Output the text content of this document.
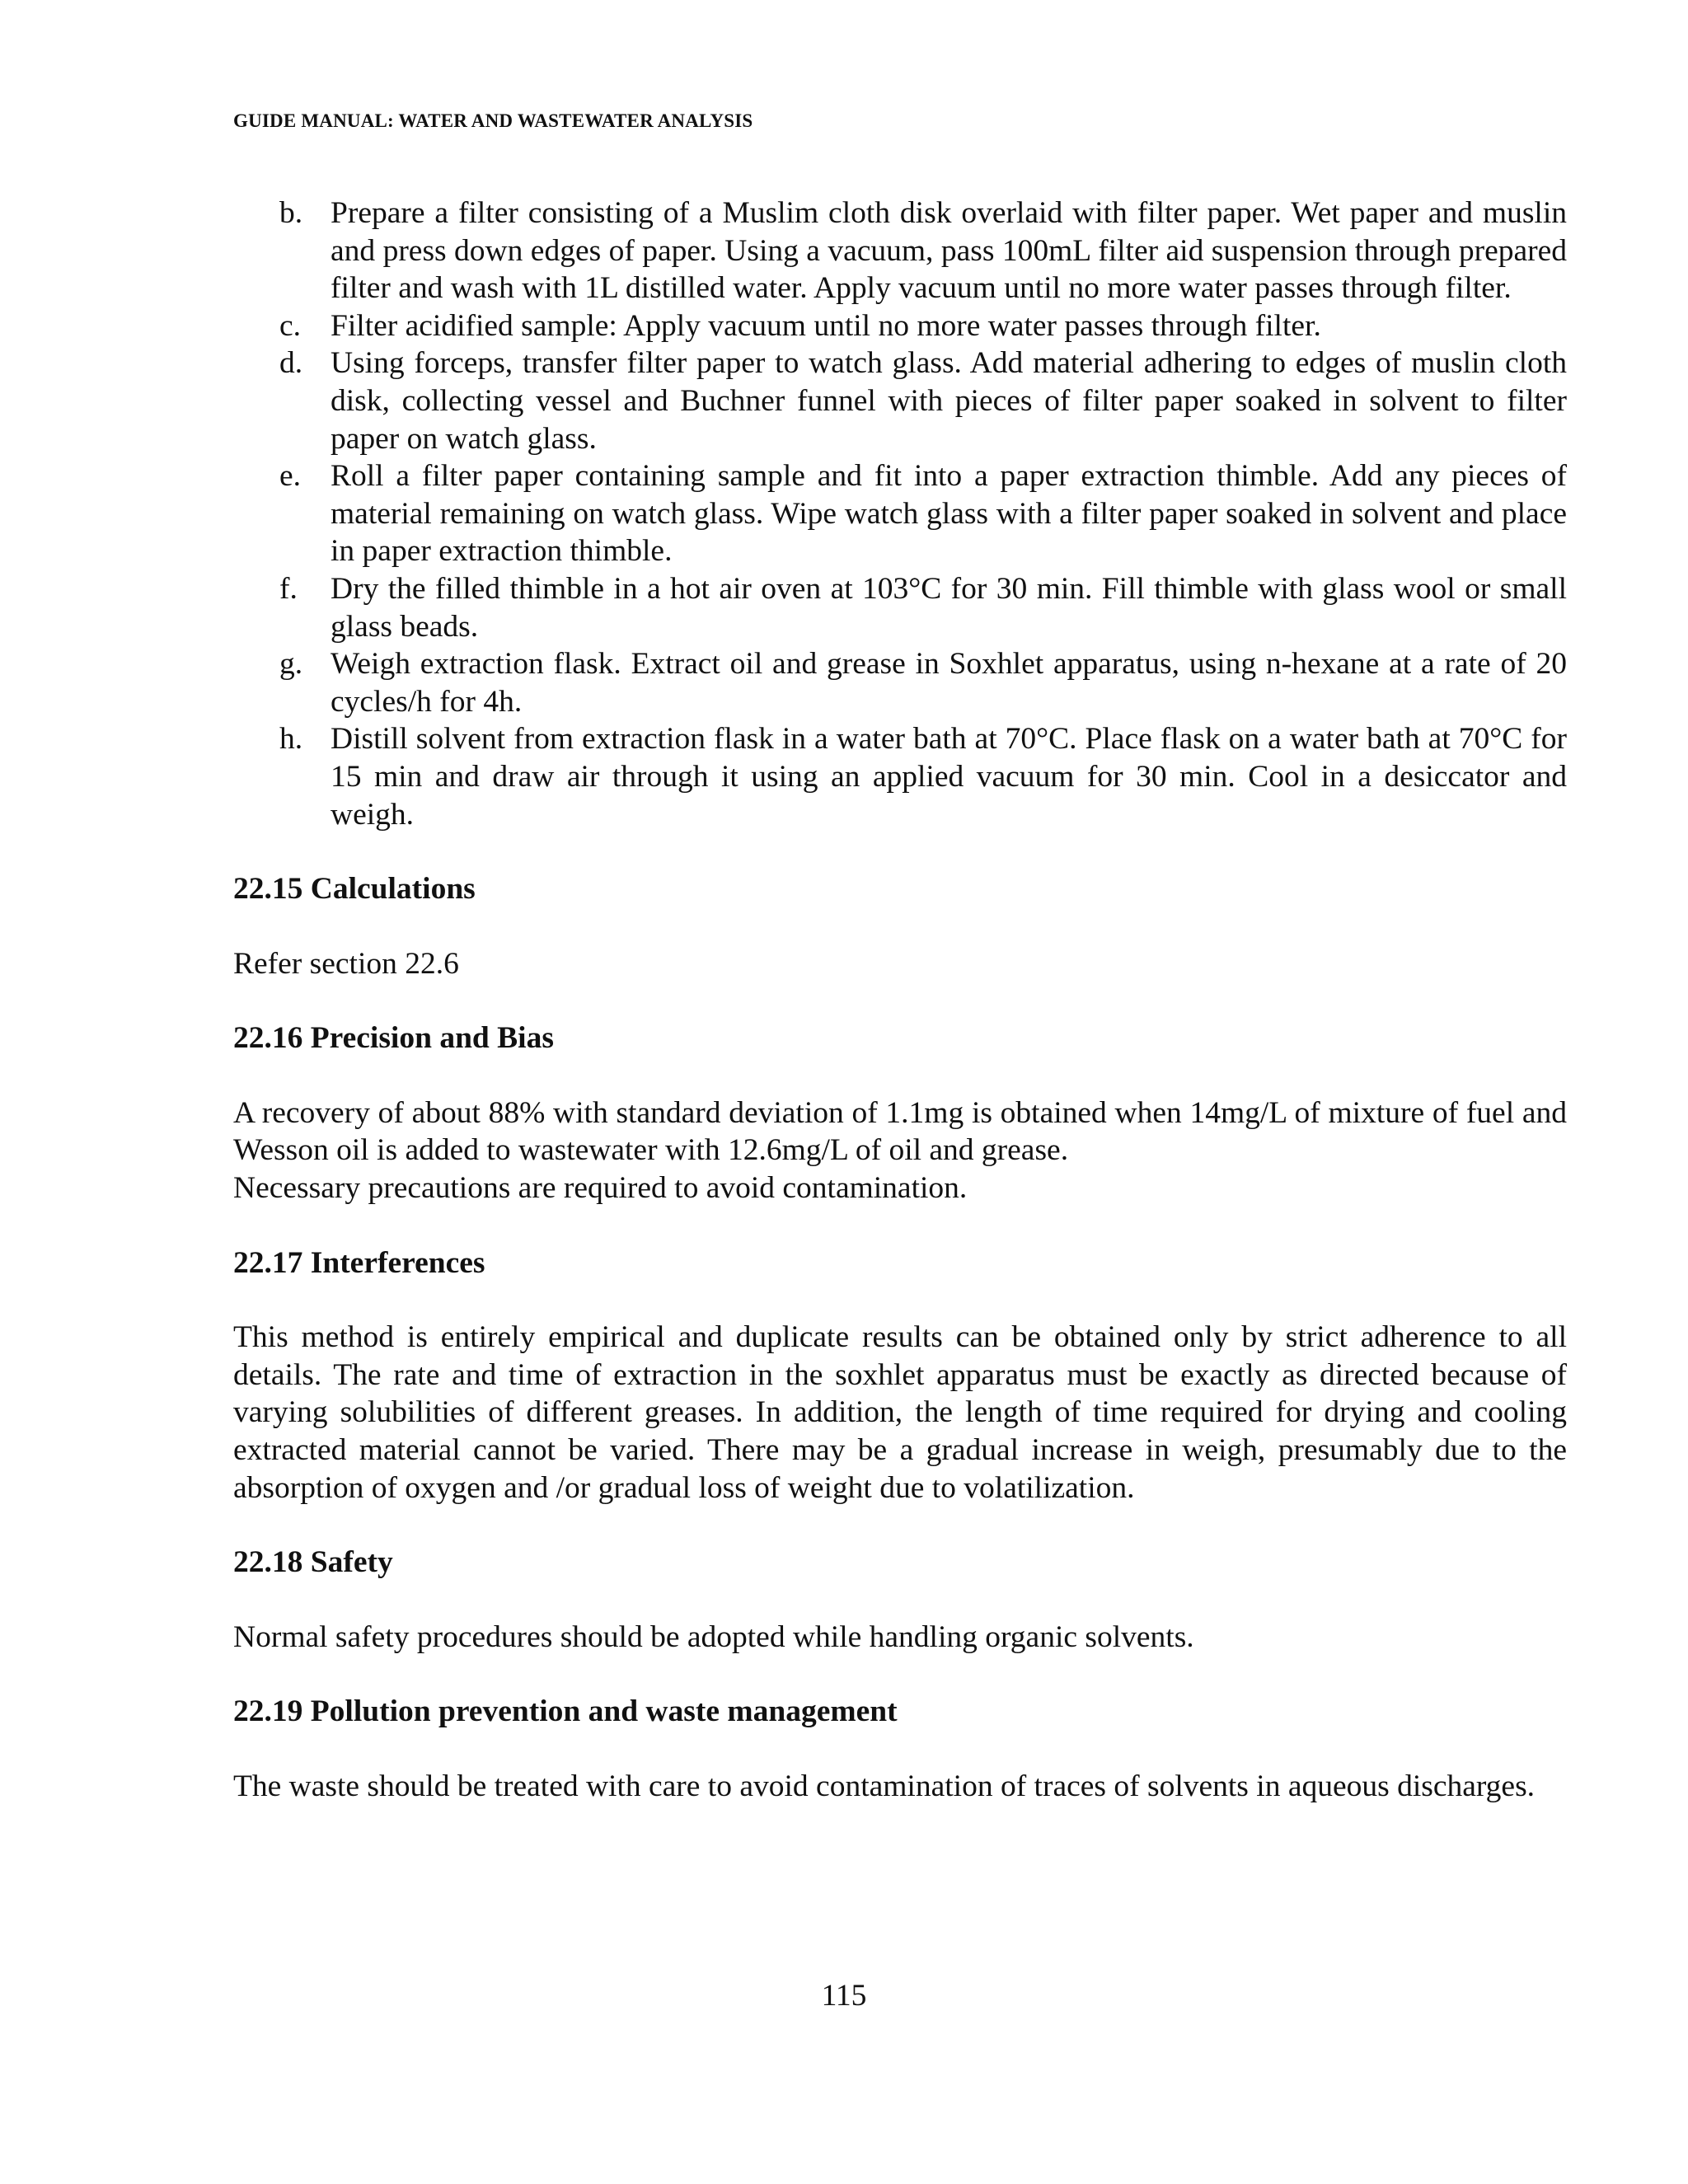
GUIDE MANUAL: WATER AND WASTEWATER ANALYSIS
b. Prepare a filter consisting of a Muslim cloth disk overlaid with filter paper. Wet paper and muslin and press down edges of paper. Using a vacuum, pass 100mL filter aid suspension through prepared filter and wash with 1L distilled water. Apply vacuum until no more water passes through filter.
c. Filter acidified sample: Apply vacuum until no more water passes through filter.
d. Using forceps, transfer filter paper to watch glass. Add material adhering to edges of muslin cloth disk, collecting vessel and Buchner funnel with pieces of filter paper soaked in solvent to filter paper on watch glass.
e. Roll a filter paper containing sample and fit into a paper extraction thimble. Add any pieces of material remaining on watch glass. Wipe watch glass with a filter paper soaked in solvent and place in paper extraction thimble.
f. Dry the filled thimble in a hot air oven at 103°C for 30 min. Fill thimble with glass wool or small glass beads.
g. Weigh extraction flask. Extract oil and grease in Soxhlet apparatus, using n-hexane at a rate of 20 cycles/h for 4h.
h. Distill solvent from extraction flask in a water bath at 70°C. Place flask on a water bath at 70°C for 15 min and draw air through it using an applied vacuum for 30 min. Cool in a desiccator and weigh.
22.15 Calculations

Refer section 22.6

22.16 Precision and Bias

A recovery of about 88% with standard deviation of 1.1mg is obtained when 14mg/L of mixture of fuel and Wesson oil is added to wastewater with 12.6mg/L of oil and grease.

Necessary precautions are required to avoid contamination.

22.17 Interferences

This method is entirely empirical and duplicate results can be obtained only by strict adherence to all details. The rate and time of extraction in the soxhlet apparatus must be exactly as directed because of varying solubilities of different greases. In addition, the length of time required for drying and cooling extracted material cannot be varied. There may be a gradual increase in weigh, presumably due to the absorption of oxygen and /or gradual loss of weight due to volatilization.

22.18 Safety

Normal safety procedures should be adopted while handling organic solvents.

22.19 Pollution prevention and waste management

The waste should be treated with care to avoid contamination of traces of solvents in aqueous discharges.

115
